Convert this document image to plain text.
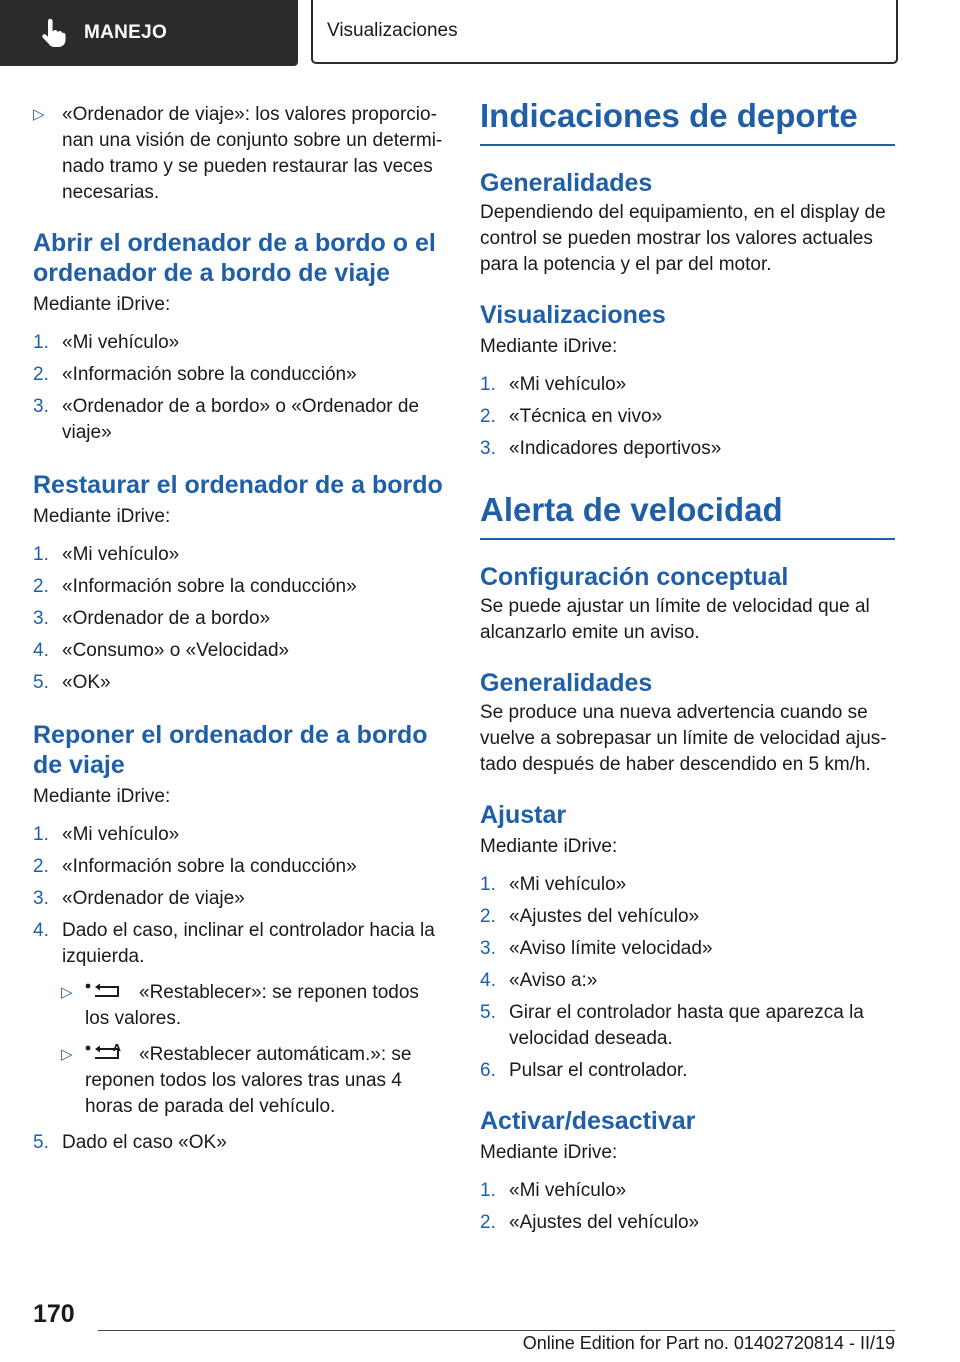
MANEJO	Visualizaciones
▷ «Ordenador de viaje»: los valores proporcionan una visión de conjunto sobre un determinado tramo y se pueden restaurar las veces necesarias.
Abrir el ordenador de a bordo o el ordenador de a bordo de viaje

Mediante iDrive:

1. «Mi vehículo»
2. «Información sobre la conducción»
3. «Ordenador de a bordo» o «Ordenador de viaje»
Restaurar el ordenador de a bordo

Mediante iDrive:

1. «Mi vehículo»
2. «Información sobre la conducción»
3. «Ordenador de a bordo»
4. «Consumo» o «Velocidad»
5. «OK»
Reponer el ordenador de a bordo de viaje

Mediante iDrive:

1. «Mi vehículo»
2. «Información sobre la conducción»
3. «Ordenador de viaje»
4. Dado el caso, inclinar el controlador hacia la izquierda.
▷	«Restablecer»: se reponen todos los valores.
▷	A «Restablecer automáticam.»: se reponen todos los valores tras unas 4 horas de parada del vehículo.
5. Dado el caso «OK»
Indicaciones de deporte
Generalidades

Dependiendo del equipamiento, en el display de control se pueden mostrar los valores actuales para la potencia y el par del motor.

Visualizaciones

Mediante iDrive:

1. «Mi vehículo»
2. «Técnica en vivo»
3. «Indicadores deportivos»
Alerta de velocidad
Configuración conceptual

Se puede ajustar un límite de velocidad que al alcanzarlo emite un aviso.

Generalidades

Se produce una nueva advertencia cuando se vuelve a sobrepasar un límite de velocidad ajustado después de haber descendido en 5 km/h.

Ajustar

Mediante iDrive:

1. «Mi vehículo»
2. «Ajustes del vehículo»
3. «Aviso límite velocidad»
4. «Aviso a:»
5. Girar el controlador hasta que aparezca la velocidad deseada.
6. Pulsar el controlador.
Activar/desactivar

Mediante iDrive:

1. «Mi vehículo»
2. «Ajustes del vehículo»
170
Online Edition for Part no. 01402720814 - II/19
